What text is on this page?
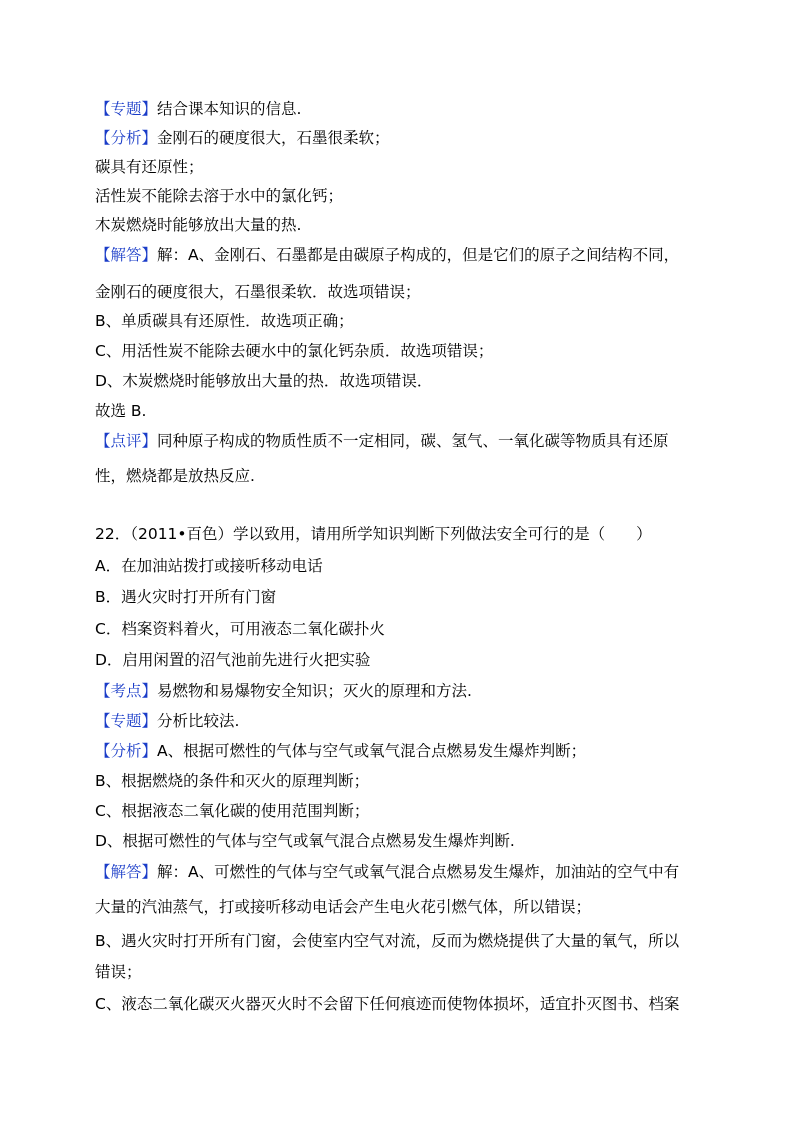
【专题】结合课本知识的信息.
【分析】金刚石的硬度很大，石墨很柔软；
碳具有还原性；
活性炭不能除去溶于水中的氯化钙；
木炭燃烧时能够放出大量的热.
【解答】解：A、金刚石、石墨都是由碳原子构成的，但是它们的原子之间结构不同，
金刚石的硬度很大，石墨很柔软．故选项错误；
B、单质碳具有还原性．故选项正确；
C、用活性炭不能除去硬水中的氯化钙杂质．故选项错误；
D、木炭燃烧时能够放出大量的热．故选项错误．
故选 B.
【点评】同种原子构成的物质性质不一定相同，碳、氢气、一氧化碳等物质具有还原
性，燃烧都是放热反应.
22．（2011•百色）学以致用，请用所学知识判断下列做法安全可行的是（　　）
A．在加油站拨打或接听移动电话
B．遇火灾时打开所有门窗
C．档案资料着火，可用液态二氧化碳扑火
D．启用闲置的沼气池前先进行火把实验
【考点】易燃物和易爆物安全知识；灭火的原理和方法.
【专题】分析比较法.
【分析】A、根据可燃性的气体与空气或氧气混合点燃易发生爆炸判断；
B、根据燃烧的条件和灭火的原理判断；
C、根据液态二氧化碳的使用范围判断；
D、根据可燃性的气体与空气或氧气混合点燃易发生爆炸判断.
【解答】解：A、可燃性的气体与空气或氧气混合点燃易发生爆炸，加油站的空气中有
大量的汽油蒸气，打或接听移动电话会产生电火花引燃气体，所以错误；
B、遇火灾时打开所有门窗，会使室内空气对流，反而为燃烧提供了大量的氧气，所以
错误；
C、液态二氧化碳灭火器灭火时不会留下任何痕迹而使物体损坏，适宜扑灭图书、档案
